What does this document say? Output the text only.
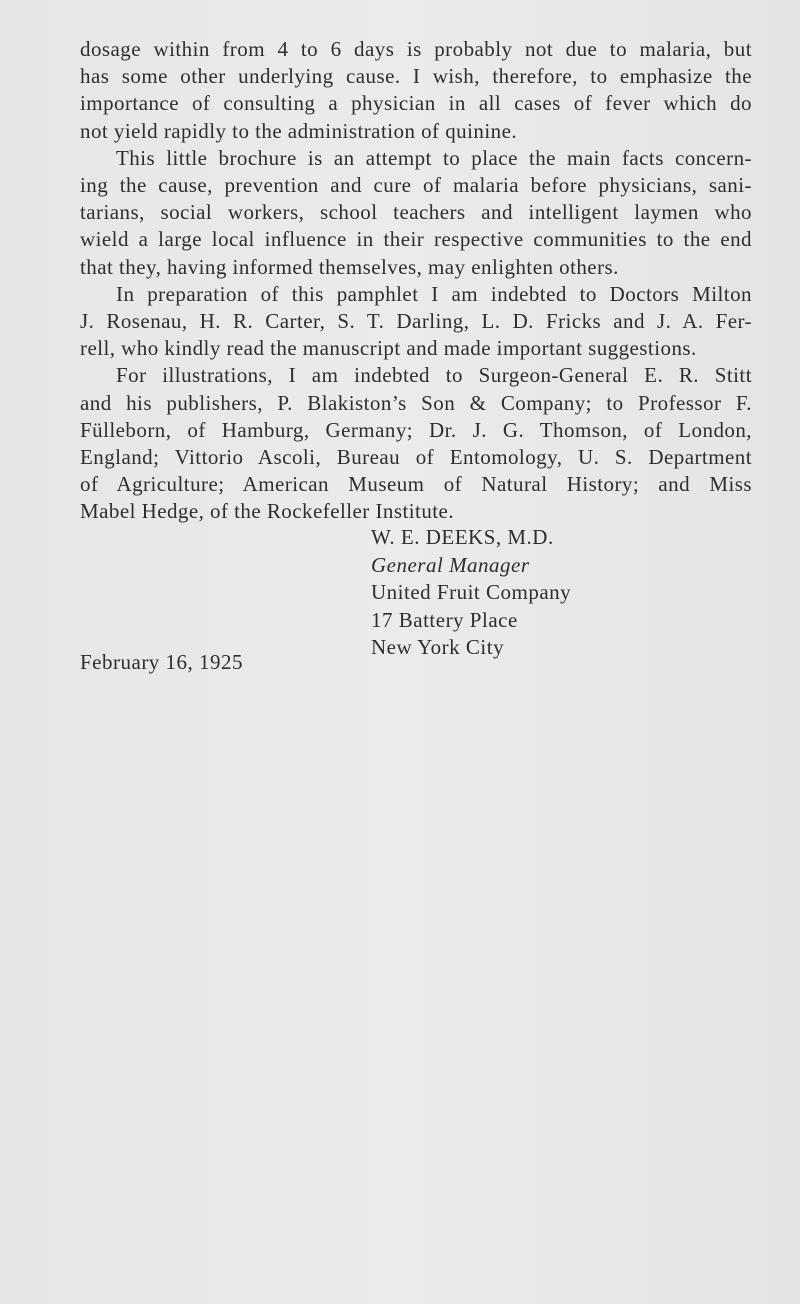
dosage within from 4 to 6 days is probably not due to malaria, but
has some other underlying cause. I wish, therefore, to emphasize the
importance of consulting a physician in all cases of fever which do
not yield rapidly to the administration of quinine.
This little brochure is an attempt to place the main facts concern-
ing the cause, prevention and cure of malaria before physicians, sani-
tarians, social workers, school teachers and intelligent laymen who
wield a large local influence in their respective communities to the end
that they, having informed themselves, may enlighten others.
In preparation of this pamphlet I am indebted to Doctors Milton
J. Rosenau, H. R. Carter, S. T. Darling, L. D. Fricks and J. A. Fer-
rell, who kindly read the manuscript and made important suggestions.
For illustrations, I am indebted to Surgeon-General E. R. Stitt
and his publishers, P. Blakiston’s Son & Company; to Professor F.
Fülleborn, of Hamburg, Germany; Dr. J. G. Thomson, of London,
England; Vittorio Ascoli, Bureau of Entomology, U. S. Department
of Agriculture; American Museum of Natural History; and Miss
Mabel Hedge, of the Rockefeller Institute.
W. E. DEEKS, M.D.
General Manager
United Fruit Company
17 Battery Place
New York City
February 16, 1925
